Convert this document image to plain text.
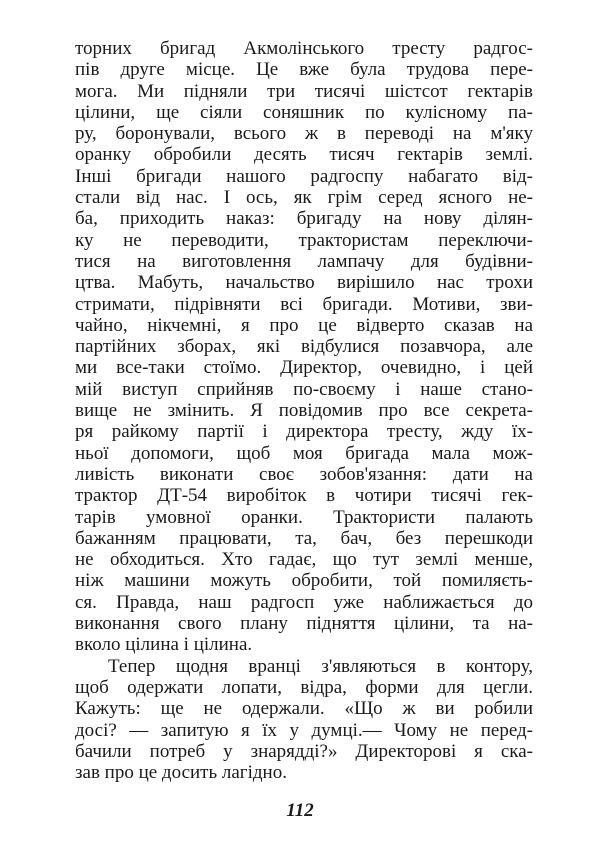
торних бригад Акмолінського тресту радгос-
пів друге місце. Це вже була трудова пере-
мога. Ми підняли три тисячі шістсот гектарів
цілини, ще сіяли соняшник по кулісному па-
ру, боронували, всього ж в переводі на м'яку
оранку обробили десять тисяч гектарів землі.
Інші бригади нашого радгоспу набагато від-
стали від нас. І ось, як грім серед ясного не-
ба, приходить наказ: бригаду на нову ділян-
ку не переводити, трактористам переключи-
тися на виготовлення лампачу для будівни-
цтва. Мабуть, начальство вирішило нас трохи
стримати, підрівняти всі бригади. Мотиви, зви-
чайно, нікчемні, я про це відверто сказав на
партійних зборах, які відбулися позавчора, але
ми все-таки стоїмо. Директор, очевидно, і цей
мій виступ сприйняв по-своєму і наше стано-
вище не змінить. Я повідомив про все секрета-
ря райкому партії і директора тресту, жду їх-
ньої допомоги, щоб моя бригада мала мож-
ливість виконати своє зобов'язання: дати на
трактор ДТ-54 виробіток в чотири тисячі гек-
тарів умовної оранки. Трактористи палають
бажанням працювати, та, бач, без перешкоди
не обходиться. Хто гадає, що тут землі менше,
ніж машини можуть обробити, той помиляєть-
ся. Правда, наш радгосп уже наближається до
виконання свого плану підняття цілини, та на-
вколо цілина і цілина.
Тепер щодня вранці з'являються в контору,
щоб одержати лопати, відра, форми для цегли.
Кажуть: ще не одержали. «Що ж ви робили
досі? — запитую я їх у думці.— Чому не перед-
бачили потреб у знарядді?» Директорові я ска-
зав про це досить лагідно.
112
